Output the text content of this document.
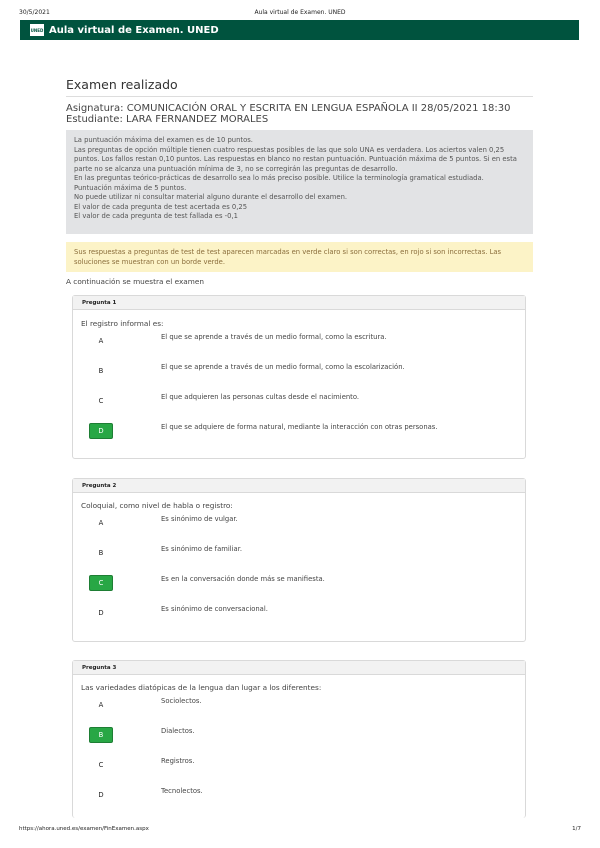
30/5/2021	Aula virtual de Examen. UNED
UNED Aula virtual de Examen. UNED
Examen realizado
Asignatura: COMUNICACIÓN ORAL Y ESCRITA EN LENGUA ESPAÑOLA II 28/05/2021 18:30
Estudiante: LARA FERNANDEZ MORALES
La puntuación máxima del examen es de 10 puntos.
Las preguntas de opción múltiple tienen cuatro respuestas posibles de las que solo UNA es verdadera. Los aciertos valen 0,25
puntos. Los fallos restan 0,10 puntos. Las respuestas en blanco no restan puntuación. Puntuación máxima de 5 puntos. Si en esta
parte no se alcanza una puntuación mínima de 3, no se corregirán las preguntas de desarrollo.
En las preguntas teórico-prácticas de desarrollo sea lo más preciso posible. Utilice la terminología gramatical estudiada.
Puntuación máxima de 5 puntos.
No puede utilizar ni consultar material alguno durante el desarrollo del examen.
El valor de cada pregunta de test acertada es 0,25
El valor de cada pregunta de test fallada es -0,1
Sus respuestas a preguntas de test de test aparecen marcadas en verde claro si son correctas, en rojo si son incorrectas. Las
soluciones se muestran con un borde verde.
A continuación se muestra el examen
Pregunta 1
El registro informal es:
A	El que se aprende a través de un medio formal, como la escritura.
B	El que se aprende a través de un medio formal, como la escolarización.
C	El que adquieren las personas cultas desde el nacimiento.
D	El que se adquiere de forma natural, mediante la interacción con otras personas.
Pregunta 2
Coloquial, como nivel de habla o registro:
A	Es sinónimo de vulgar.
B	Es sinónimo de familiar.
C	Es en la conversación donde más se manifiesta.
D	Es sinónimo de conversacional.
Pregunta 3
Las variedades diatópicas de la lengua dan lugar a los diferentes:
A	Sociolectos.
B	Dialectos.
C	Registros.
D	Tecnolectos.
https://ahora.uned.es/examen/FinExamen.aspx	1/7
